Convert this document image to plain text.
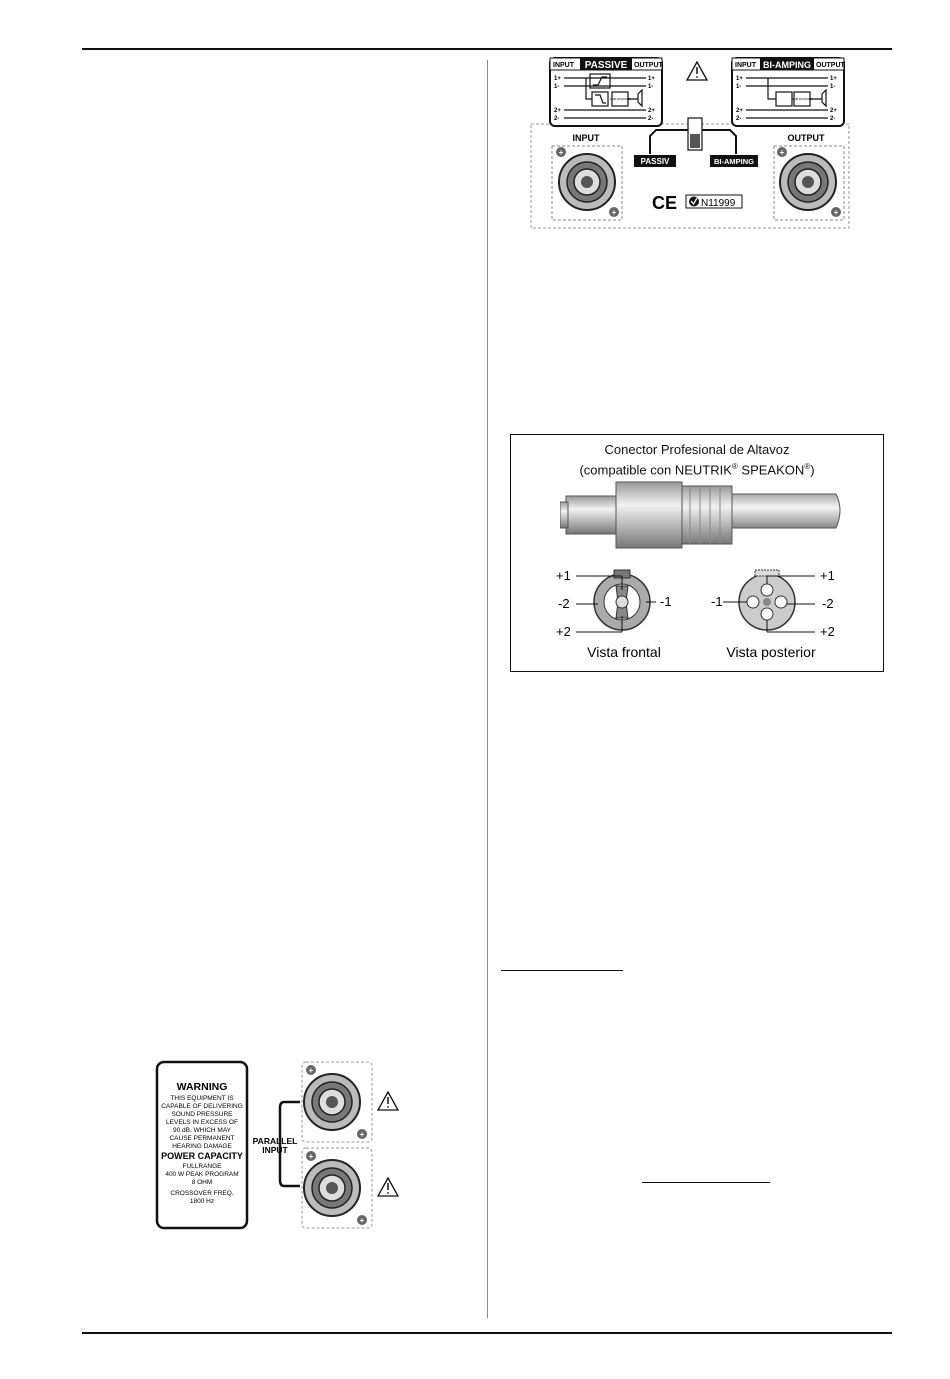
INPUT PASSIVE OUTPUT
1+
1-
2+
2-
1+
1-
2+
2-
SUB WOOFER
INPUT BI-AMPING OUTPUT
1+
1-
2+
2-
1+
1-
2+
2-
SUB WOOFER
INPUT	OUTPUT
+
+
+
+
PASSIV	BI-AMPING
CE N11999
Conector Profesional de Altavoz
(compatible con NEUTRIK® SPEAKON®)
+1
-2
+2
-1
Vista frontal
+1
-1	-2
+2
Vista posterior
WARNING
THIS EQUIPMENT IS
CAPABLE OF DELIVERING
SOUND PRESSURE
LEVELS IN EXCESS OF
90 dB, WHICH MAY
CAUSE PERMANENT
HEARING DAMAGE
POWER CAPACITY
FULLRANGE
400 W PEAK PROGRAM
8 OHM
CROSSOVER FREQ.
1800 Hz
PARALLEL
INPUT
+
+
+
+
